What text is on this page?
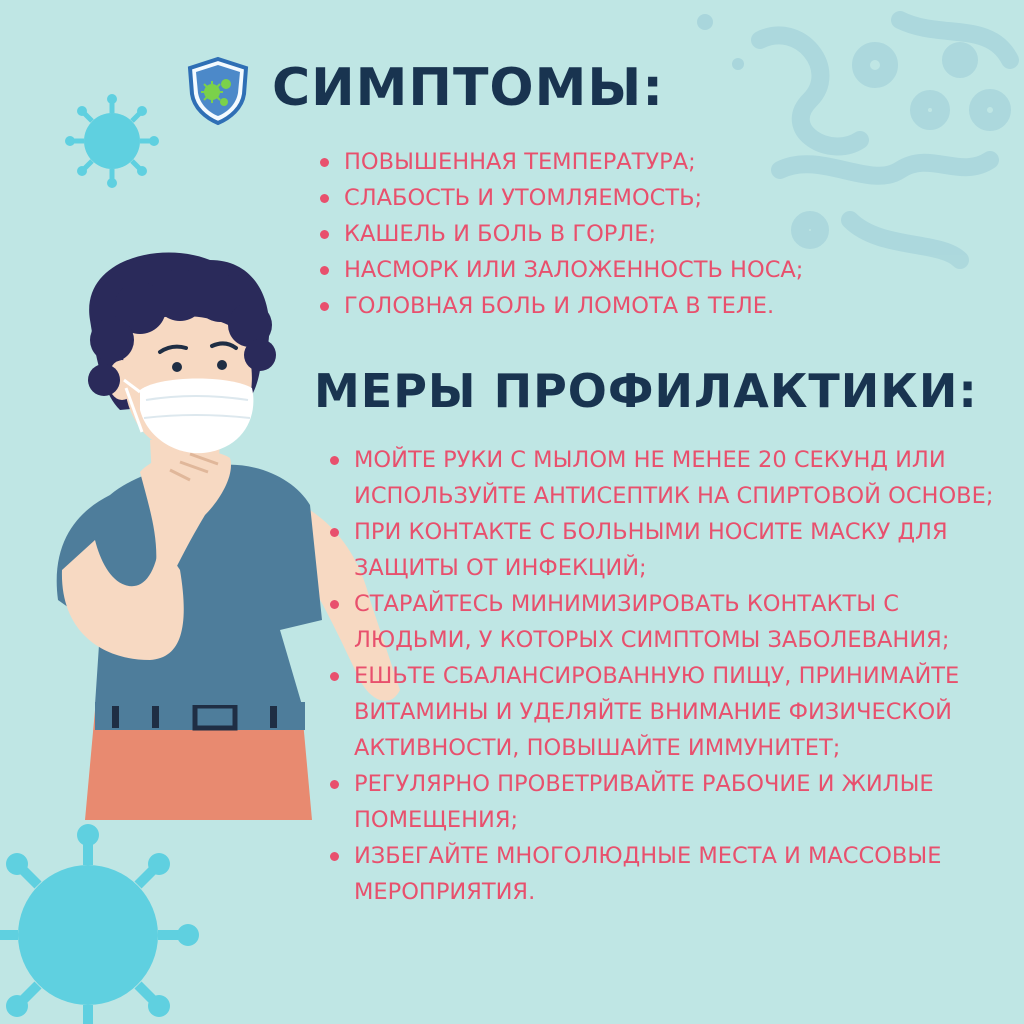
СИМПТОМЫ:
ПОВЫШЕННАЯ ТЕМПЕРАТУРА;
СЛАБОСТЬ И УТОМЛЯЕМОСТЬ;
КАШЕЛЬ И БОЛЬ В ГОРЛЕ;
НАСМОРК ИЛИ ЗАЛОЖЕННОСТЬ НОСА;
ГОЛОВНАЯ БОЛЬ И ЛОМОТА В ТЕЛЕ.
МЕРЫ ПРОФИЛАКТИКИ:
МОЙТЕ РУКИ С МЫЛОМ НЕ МЕНЕЕ 20 СЕКУНД ИЛИ ИСПОЛЬЗУЙТЕ АНТИСЕПТИК НА СПИРТОВОЙ ОСНОВЕ;
ПРИ КОНТАКТЕ С БОЛЬНЫМИ НОСИТЕ МАСКУ ДЛЯ ЗАЩИТЫ ОТ ИНФЕКЦИЙ;
СТАРАЙТЕСЬ МИНИМИЗИРОВАТЬ КОНТАКТЫ С ЛЮДЬМИ, У КОТОРЫХ СИМПТОМЫ ЗАБОЛЕВАНИЯ;
ЕШЬТЕ СБАЛАНСИРОВАННУЮ ПИЩУ, ПРИНИМАЙТЕ ВИТАМИНЫ И УДЕЛЯЙТЕ ВНИМАНИЕ ФИЗИЧЕСКОЙ АКТИВНОСТИ, ПОВЫШАЙТЕ ИММУНИТЕТ;
РЕГУЛЯРНО ПРОВЕТРИВАЙТЕ РАБОЧИЕ И ЖИЛЫЕ ПОМЕЩЕНИЯ;
ИЗБЕГАЙТЕ МНОГОЛЮДНЫЕ МЕСТА И МАССОВЫЕ МЕРОПРИЯТИЯ.
